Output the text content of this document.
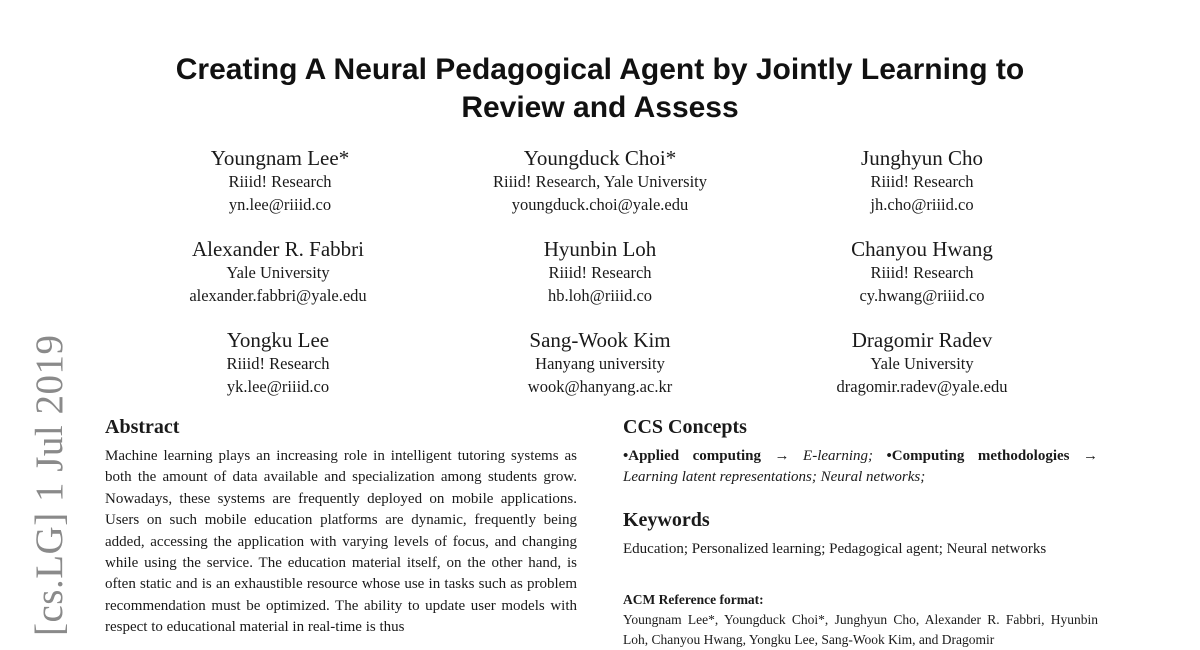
[cs.LG] 1 Jul 2019
Creating A Neural Pedagogical Agent by Jointly Learning to
Review and Assess
Youngnam Lee*
Riiid! Research
yn.lee@riiid.co
Youngduck Choi*
Riiid! Research, Yale University
youngduck.choi@yale.edu
Junghyun Cho
Riiid! Research
jh.cho@riiid.co
Alexander R. Fabbri
Yale University
alexander.fabbri@yale.edu
Hyunbin Loh
Riiid! Research
hb.loh@riiid.co
Chanyou Hwang
Riiid! Research
cy.hwang@riiid.co
Yongku Lee
Riiid! Research
yk.lee@riiid.co
Sang-Wook Kim
Hanyang university
wook@hanyang.ac.kr
Dragomir Radev
Yale University
dragomir.radev@yale.edu
Abstract
Machine learning plays an increasing role in intelligent tutoring systems as both the amount of data available and specialization among students grow. Nowadays, these systems are frequently deployed on mobile applications. Users on such mobile education platforms are dynamic, frequently being added, accessing the application with varying levels of focus, and changing while using the service. The education material itself, on the other hand, is often static and is an exhaustible resource whose use in tasks such as problem recommendation must be optimized. The ability to update user models with respect to educational material in real-time is thus
CCS Concepts
•Applied computing → E-learning; •Computing methodologies → Learning latent representations; Neural networks;
Keywords
Education; Personalized learning; Pedagogical agent; Neural networks
ACM Reference format:
Youngnam Lee*, Youngduck Choi*, Junghyun Cho, Alexander R. Fabbri, Hyunbin Loh, Chanyou Hwang, Yongku Lee, Sang-Wook Kim, and Dragomir
